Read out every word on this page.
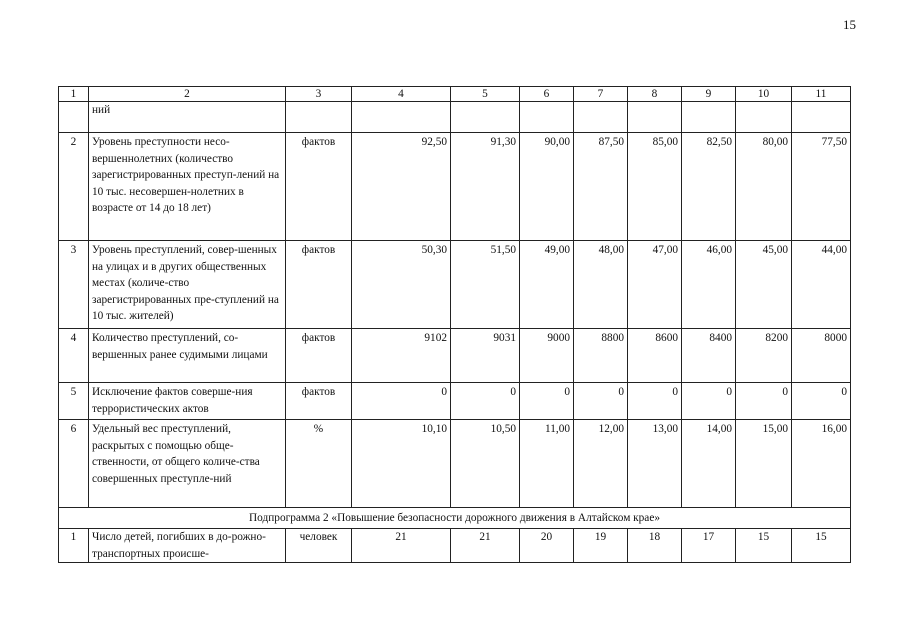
15
1	2	3	4	5	6	7	8	9	10	11
	ний									
2	Уровень преступности несо-вершеннолетних (количество зарегистрированных преступ-лений на 10 тыс. несовершен-нолетних в возрасте от 14 до 18 лет)	фактов	92,50	91,30	90,00	87,50	85,00	82,50	80,00	77,50
3	Уровень преступлений, совер-шенных на улицах и в других общественных местах (количе-ство зарегистрированных пре-ступлений на 10 тыс. жителей)	фактов	50,30	51,50	49,00	48,00	47,00	46,00	45,00	44,00
4	Количество преступлений, со-вершенных ранее судимыми лицами	фактов	9102	9031	9000	8800	8600	8400	8200	8000
5	Исключение фактов соверше-ния террористических актов	фактов	0	0	0	0	0	0	0	0
6	Удельный вес преступлений, раскрытых с помощью обще-ственности, от общего количе-ства совершенных преступле-ний	%	10,10	10,50	11,00	12,00	13,00	14,00	15,00	16,00
Подпрограмма 2 «Повышение безопасности дорожного движения в Алтайском крае»										
1	Число детей, погибших в до-рожно-транспортных происше-	человек	21	21	20	19	18	17	15	15
